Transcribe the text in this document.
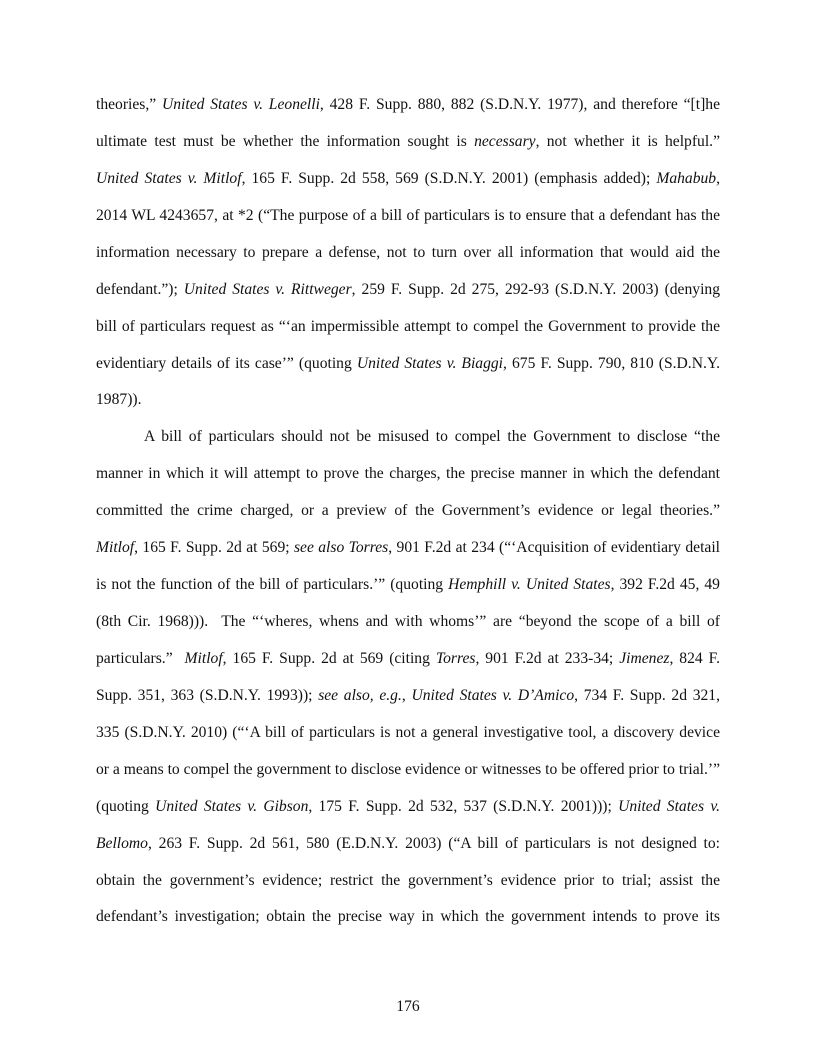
theories,” United States v. Leonelli, 428 F. Supp. 880, 882 (S.D.N.Y. 1977), and therefore “[t]he
ultimate test must be whether the information sought is necessary, not whether it is helpful.”
United States v. Mitlof, 165 F. Supp. 2d 558, 569 (S.D.N.Y. 2001) (emphasis added); Mahabub,
2014 WL 4243657, at *2 (“The purpose of a bill of particulars is to ensure that a defendant has the
information necessary to prepare a defense, not to turn over all information that would aid the
defendant.”); United States v. Rittweger, 259 F. Supp. 2d 275, 292-93 (S.D.N.Y. 2003) (denying
bill of particulars request as “‘an impermissible attempt to compel the Government to provide the
evidentiary details of its case’” (quoting United States v. Biaggi, 675 F. Supp. 790, 810 (S.D.N.Y.
1987)).
A bill of particulars should not be misused to compel the Government to disclose “the
manner in which it will attempt to prove the charges, the precise manner in which the defendant
committed the crime charged, or a preview of the Government’s evidence or legal theories.”
Mitlof, 165 F. Supp. 2d at 569; see also Torres, 901 F.2d at 234 (“‘Acquisition of evidentiary detail
is not the function of the bill of particulars.’” (quoting Hemphill v. United States, 392 F.2d 45, 49
(8th Cir. 1968))).  The “‘wheres, whens and with whoms’” are “beyond the scope of a bill of
particulars.”  Mitlof, 165 F. Supp. 2d at 569 (citing Torres, 901 F.2d at 233-34; Jimenez, 824 F.
Supp. 351, 363 (S.D.N.Y. 1993)); see also, e.g., United States v. D’Amico, 734 F. Supp. 2d 321,
335 (S.D.N.Y. 2010) (“‘A bill of particulars is not a general investigative tool, a discovery device
or a means to compel the government to disclose evidence or witnesses to be offered prior to trial.’”
(quoting United States v. Gibson, 175 F. Supp. 2d 532, 537 (S.D.N.Y. 2001))); United States v.
Bellomo, 263 F. Supp. 2d 561, 580 (E.D.N.Y. 2003) (“A bill of particulars is not designed to:
obtain the government’s evidence; restrict the government’s evidence prior to trial; assist the
defendant’s investigation; obtain the precise way in which the government intends to prove its
176
